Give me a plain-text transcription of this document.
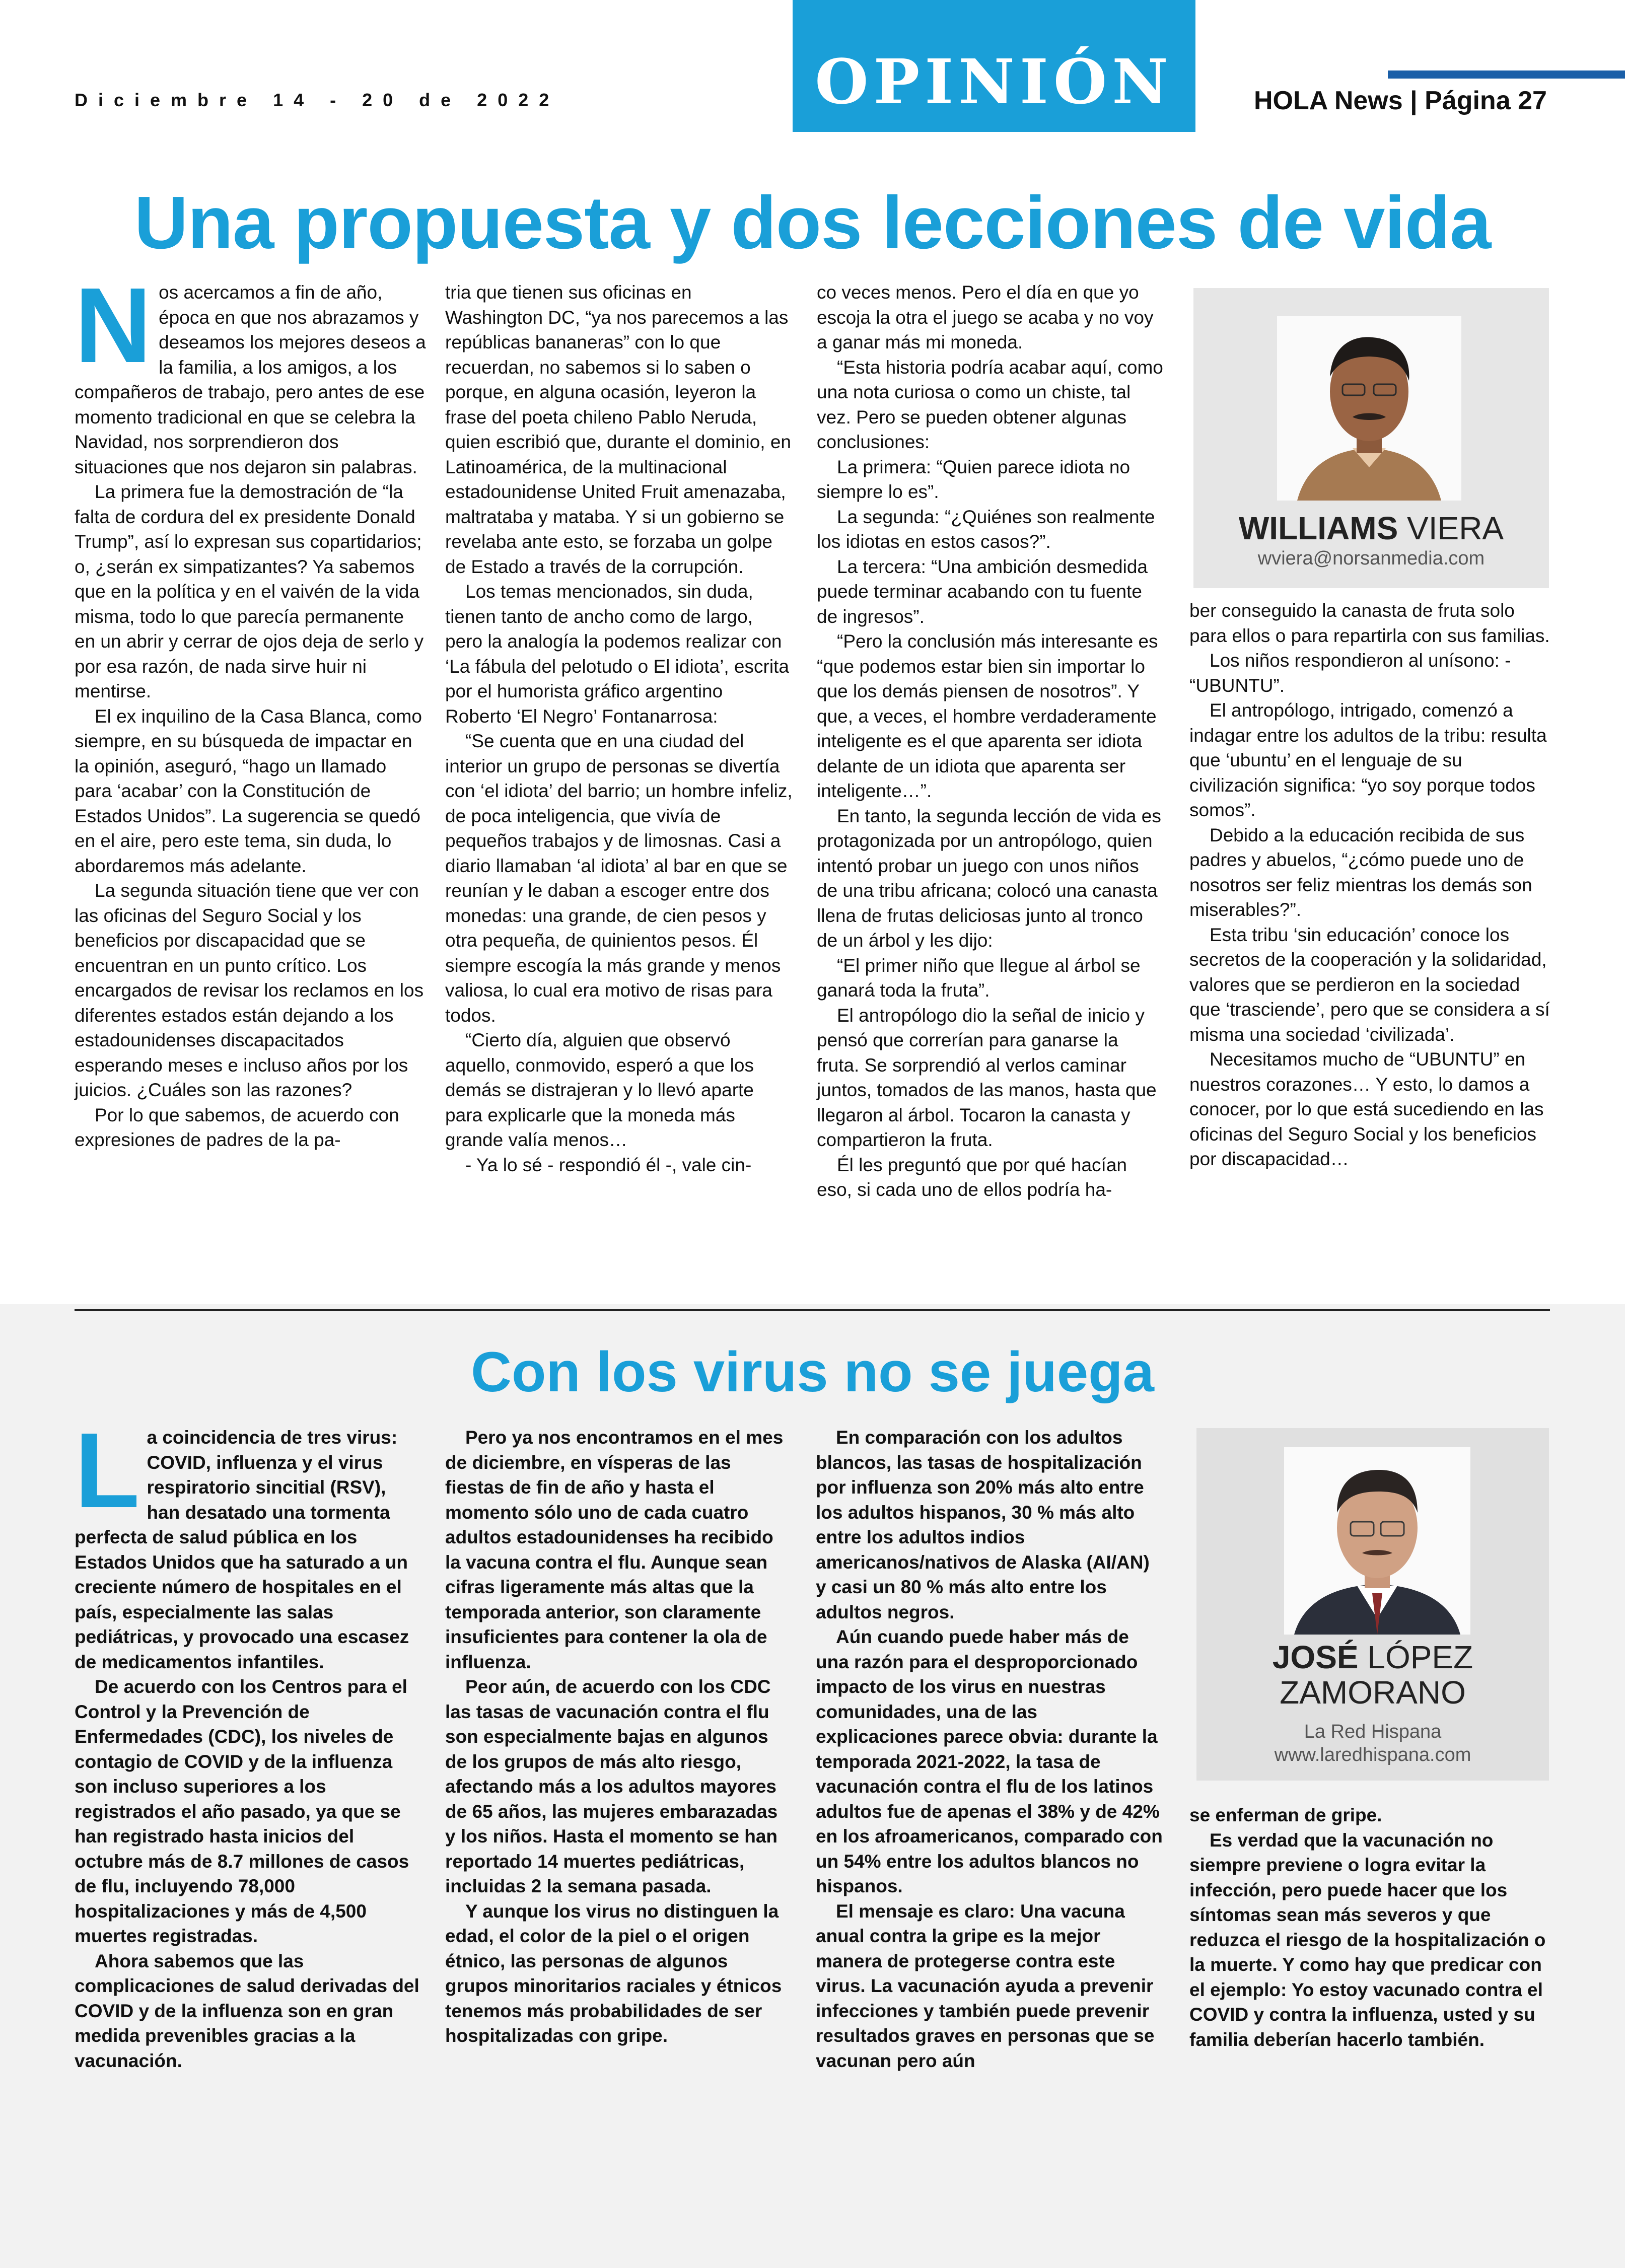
Diciembre 14 - 20 de 2022	OPINIÓN	HOLA News | Página 27
Una propuesta y dos lecciones de vida
N os acercamos a fin de año, época en que nos abrazamos y deseamos los mejores deseos a la familia, a los amigos, a los compañeros de trabajo, pero antes de ese momento tradicional en que se celebra la Navidad, nos sorprendieron dos situaciones que nos dejaron sin palabras.

La primera fue la demostración de “la falta de cordura del ex presidente Donald Trump”, así lo expresan sus copartidarios; o, ¿serán ex simpatizantes? Ya sabemos que en la política y en el vaivén de la vida misma, todo lo que parecía permanente en un abrir y cerrar de ojos deja de serlo y por esa razón, de nada sirve huir ni mentirse.

El ex inquilino de la Casa Blanca, como siempre, en su búsqueda de impactar en la opinión, aseguró, “hago un llamado para ‘acabar’ con la Constitución de Estados Unidos”. La sugerencia se quedó en el aire, pero este tema, sin duda, lo abordaremos más adelante.

La segunda situación tiene que ver con las oficinas del Seguro Social y los beneficios por discapacidad que se encuentran en un punto crítico. Los encargados de revisar los reclamos en los diferentes estados están dejando a los estadounidenses discapacitados esperando meses e incluso años por los juicios. ¿Cuáles son las razones?

Por lo que sabemos, de acuerdo con expresiones de padres de la pa-

tria que tienen sus oficinas en Washington DC, “ya nos parecemos a las repúblicas bananeras” con lo que recuerdan, no sabemos si lo saben o porque, en alguna ocasión, leyeron la frase del poeta chileno Pablo Neruda, quien escribió que, durante el dominio, en Latinoamérica, de la multinacional estadounidense United Fruit amenazaba, maltrataba y mataba. Y si un gobierno se revelaba ante esto, se forzaba un golpe de Estado a través de la corrupción.

Los temas mencionados, sin duda, tienen tanto de ancho como de largo, pero la analogía la podemos realizar con ‘La fábula del pelotudo o El idiota’, escrita por el humorista gráfico argentino Roberto ‘El Negro’ Fontanarrosa:

“Se cuenta que en una ciudad del interior un grupo de personas se divertía con ‘el idiota’ del barrio; un hombre infeliz, de poca inteligencia, que vivía de pequeños trabajos y de limosnas. Casi a diario llamaban ‘al idiota’ al bar en que se reunían y le daban a escoger entre dos monedas: una grande, de cien pesos y otra pequeña, de quinientos pesos. Él siempre escogía la más grande y menos valiosa, lo cual era motivo de risas para todos.

“Cierto día, alguien que observó aquello, conmovido, esperó a que los demás se distrajeran y lo llevó aparte para explicarle que la moneda más grande valía menos…

- Ya lo sé - respondió él -, vale cin-

co veces menos. Pero el día en que yo escoja la otra el juego se acaba y no voy a ganar más mi moneda.

“Esta historia podría acabar aquí, como una nota curiosa o como un chiste, tal vez. Pero se pueden obtener algunas conclusiones:

La primera: “Quien parece idiota no siempre lo es”.

La segunda: “¿Quiénes son realmente los idiotas en estos casos?”.

La tercera: “Una ambición desmedida puede terminar acabando con tu fuente de ingresos”.

“Pero la conclusión más interesante es “que podemos estar bien sin importar lo que los demás piensen de nosotros”. Y que, a veces, el hombre verdaderamente inteligente es el que aparenta ser idiota delante de un idiota que aparenta ser inteligente…”.

En tanto, la segunda lección de vida es protagonizada por un antropólogo, quien intentó probar un juego con unos niños de una tribu africana; colocó una canasta llena de frutas deliciosas junto al tronco de un árbol y les dijo:

“El primer niño que llegue al árbol se ganará toda la fruta”.

El antropólogo dio la señal de inicio y pensó que correrían para ganarse la fruta. Se sorprendió al verlos caminar juntos, tomados de las manos, hasta que llegaron al árbol. Tocaron la canasta y compartieron la fruta.

Él les preguntó que por qué hacían eso, si cada uno de ellos podría ha-

ber conseguido la canasta de fruta solo para ellos o para repartirla con sus familias.

Los niños respondieron al unísono: - “UBUNTU”.

El antropólogo, intrigado, comenzó a indagar entre los adultos de la tribu: resulta que ‘ubuntu’ en el lenguaje de su civilización significa: “yo soy porque todos somos”.

Debido a la educación recibida de sus padres y abuelos, “¿cómo puede uno de nosotros ser feliz mientras los demás son miserables?”.

Esta tribu ‘sin educación’ conoce los secretos de la cooperación y la solidaridad, valores que se perdieron en la sociedad que ‘trasciende’, pero que se considera a sí misma una sociedad ‘civilizada’.

Necesitamos mucho de “UBUNTU” en nuestros corazones… Y esto, lo damos a conocer, por lo que está sucediendo en las oficinas del Seguro Social y los beneficios por discapacidad…

WILLIAMS VIERA
wviera@norsanmedia.com
Con los virus no se juega
L a coincidencia de tres virus: COVID, influenza y el virus respiratorio sincitial (RSV), han desatado una tormenta perfecta de salud pública en los Estados Unidos que ha saturado a un creciente número de hospitales en el país, especialmente las salas pediátricas, y provocado una escasez de medicamentos infantiles.

De acuerdo con los Centros para el Control y la Prevención de Enfermedades (CDC), los niveles de contagio de COVID y de la influenza son incluso superiores a los registrados el año pasado, ya que se han registrado hasta inicios del octubre más de 8.7 millones de casos de flu, incluyendo 78,000 hospitalizaciones y más de 4,500 muertes registradas.

Ahora sabemos que las complicaciones de salud derivadas del COVID y de la influenza son en gran medida prevenibles gracias a la vacunación.

Pero ya nos encontramos en el mes de diciembre, en vísperas de las fiestas de fin de año y hasta el momento sólo uno de cada cuatro adultos estadounidenses ha recibido la vacuna contra el flu. Aunque sean cifras ligeramente más altas que la temporada anterior, son claramente insuficientes para contener la ola de influenza.

Peor aún, de acuerdo con los CDC las tasas de vacunación contra el flu son especialmente bajas en algunos de los grupos de más alto riesgo, afectando más a los adultos mayores de 65 años, las mujeres embarazadas y los niños. Hasta el momento se han reportado 14 muertes pediátricas, incluidas 2 la semana pasada.

Y aunque los virus no distinguen la edad, el color de la piel o el origen étnico, las personas de algunos grupos minoritarios raciales y étnicos tenemos más probabilidades de ser hospitalizadas con gripe.

En comparación con los adultos blancos, las tasas de hospitalización por influenza son 20% más alto entre los adultos hispanos, 30 % más alto entre los adultos indios americanos/nativos de Alaska (AI/AN) y casi un 80 % más alto entre los adultos negros.

Aún cuando puede haber más de una razón para el desproporcionado impacto de los virus en nuestras comunidades, una de las explicaciones parece obvia: durante la temporada 2021-2022, la tasa de vacunación contra el flu de los latinos adultos fue de apenas el 38% y de 42% en los afroamericanos, comparado con un 54% entre los adultos blancos no hispanos.

El mensaje es claro: Una vacuna anual contra la gripe es la mejor manera de protegerse contra este virus. La vacunación ayuda a prevenir infecciones y también puede prevenir resultados graves en personas que se vacunan pero aún

se enferman de gripe.

Es verdad que la vacunación no siempre previene o logra evitar la infección, pero puede hacer que los síntomas sean más severos y que reduzca el riesgo de la hospitalización o la muerte. Y como hay que predicar con el ejemplo: Yo estoy vacunado contra el COVID y contra la influenza, usted y su familia deberían hacerlo también.

JOSÉ LÓPEZ
ZAMORANO
La Red Hispana
www.laredhispana.com
